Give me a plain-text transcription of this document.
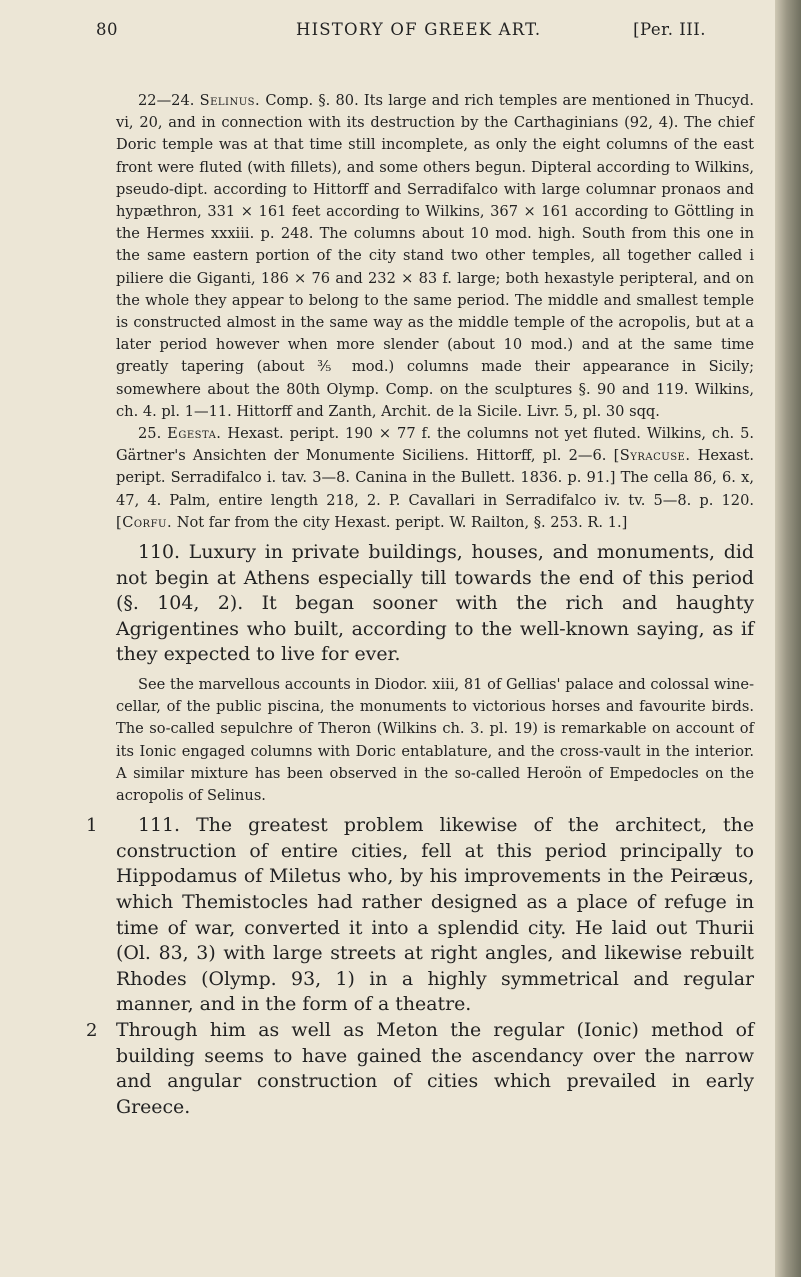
80	HISTORY OF GREEK ART.	[Per. III.

22—24. Selinus. Comp. §. 80. Its large and rich temples are mentioned in Thucyd. vi, 20, and in connection with its destruction by the Carthaginians (92, 4). The chief Doric temple was at that time still incomplete, as only the eight columns of the east front were fluted (with fillets), and some others begun. Dipteral according to Wilkins, pseudo-dipt. according to Hittorff and Serradifalco with large columnar pronaos and hypæthron, 331 × 161 feet according to Wilkins, 367 × 161 according to Göttling in the Hermes xxxiii. p. 248. The columns about 10 mod. high. South from this one in the same eastern portion of the city stand two other temples, all together called i piliere die Giganti, 186 × 76 and 232 × 83 f. large; both hexastyle peripteral, and on the whole they appear to belong to the same period. The middle and smallest temple is constructed almost in the same way as the middle temple of the acropolis, but at a later period however when more slender (about 10 mod.) and at the same time greatly tapering (about ⅗ mod.) columns made their appearance in Sicily; somewhere about the 80th Olymp. Comp. on the sculptures §. 90 and 119. Wilkins, ch. 4. pl. 1—11. Hittorff and Zanth, Archit. de la Sicile. Livr. 5, pl. 30 sqq.

25. Egesta. Hexast. peript. 190 × 77 f. the columns not yet fluted. Wilkins, ch. 5. Gärtner's Ansichten der Monumente Siciliens. Hittorff, pl. 2—6. [Syracuse. Hexast. peript. Serradifalco i. tav. 3—8. Canina in the Bullett. 1836. p. 91.] The cella 86, 6. x, 47, 4. Palm, entire length 218, 2. P. Cavallari in Serradifalco iv. tv. 5—8. p. 120. [Corfu. Not far from the city Hexast. peript. W. Railton, §. 253. R. 1.]

110. Luxury in private buildings, houses, and monuments, did not begin at Athens especially till towards the end of this period (§. 104, 2). It began sooner with the rich and haughty Agrigentines who built, according to the well-known saying, as if they expected to live for ever.

See the marvellous accounts in Diodor. xiii, 81 of Gellias' palace and colossal wine-cellar, of the public piscina, the monuments to victorious horses and favourite birds. The so-called sepulchre of Theron (Wilkins ch. 3. pl. 19) is remarkable on account of its Ionic engaged columns with Doric entablature, and the cross-vault in the interior. A similar mixture has been observed in the so-called Heroön of Empedocles on the acropolis of Selinus.

1	111. The greatest problem likewise of the architect, the construction of entire cities, fell at this period principally to Hippodamus of Miletus who, by his improvements in the Peiræus, which Themistocles had rather designed as a place of refuge in time of war, converted it into a splendid city. He laid out Thurii (Ol. 83, 3) with large streets at right angles, and likewise rebuilt Rhodes (Olymp. 93, 1) in a highly symmetrical and regular manner, and in the form of a theatre.

2 Through him as well as Meton the regular (Ionic) method of building seems to have gained the ascendancy over the narrow and angular construction of cities which prevailed in early Greece.
